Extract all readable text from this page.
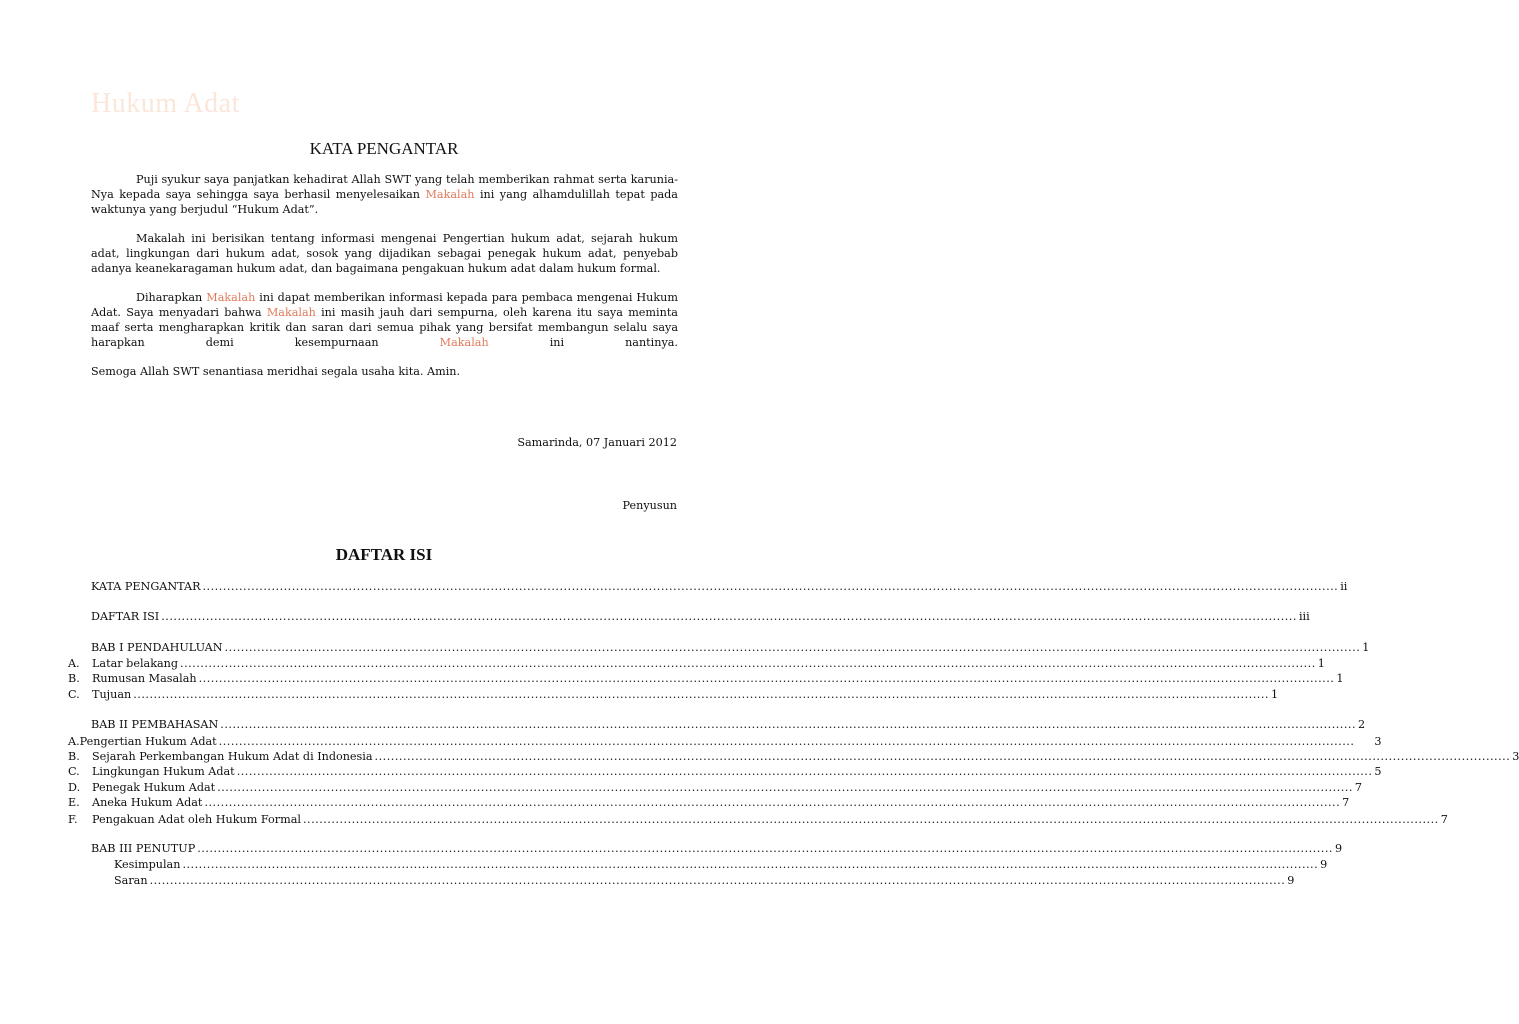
Hukum Adat
KATA PENGANTAR

Puji syukur saya panjatkan kehadirat Allah SWT yang telah memberikan rahmat serta karunia-Nya kepada saya sehingga saya berhasil menyelesaikan Makalah ini yang alhamdulillah tepat pada waktunya yang berjudul “Hukum Adat”.

Makalah ini berisikan tentang informasi mengenai Pengertian hukum adat, sejarah hukum adat, lingkungan dari hukum adat, sosok yang dijadikan sebagai penegak hukum adat, penyebab adanya keanekaragaman hukum adat, dan bagaimana pengakuan hukum adat dalam hukum formal.

Diharapkan Makalah ini dapat memberikan informasi kepada para pembaca mengenai Hukum Adat. Saya menyadari bahwa Makalah ini masih jauh dari sempurna, oleh karena itu saya meminta maaf serta mengharapkan kritik dan saran dari semua pihak yang bersifat membangun selalu saya harapkan demi kesempurnaan Makalah ini nantinya.

Semoga Allah SWT senantiasa meridhai segala usaha kita. Amin.

Samarinda, 07 Januari 2012
Penyusun
DAFTAR ISI
KATA PENGANTAR .....	ii
DAFTAR ISI .....	iii
BAB I PENDAHULUAN .....	1
A.	Latar belakang .....	1
B.	Rumusan Masalah .....	1
C.	Tujuan .....	1
BAB II PEMBAHASAN .....	2
A. Pengertian Hukum Adat .....	3
B.	Sejarah Perkembangan Hukum Adat di Indonesia .....	3
C.	Lingkungan Hukum Adat .....	5
D.	Penegak Hukum Adat .....	7
E.	Aneka Hukum Adat .....	7
F.	Pengakuan Adat oleh Hukum Formal .....	7
BAB III PENUTUP .....	9
Kesimpulan .....	9
Saran .....	9
